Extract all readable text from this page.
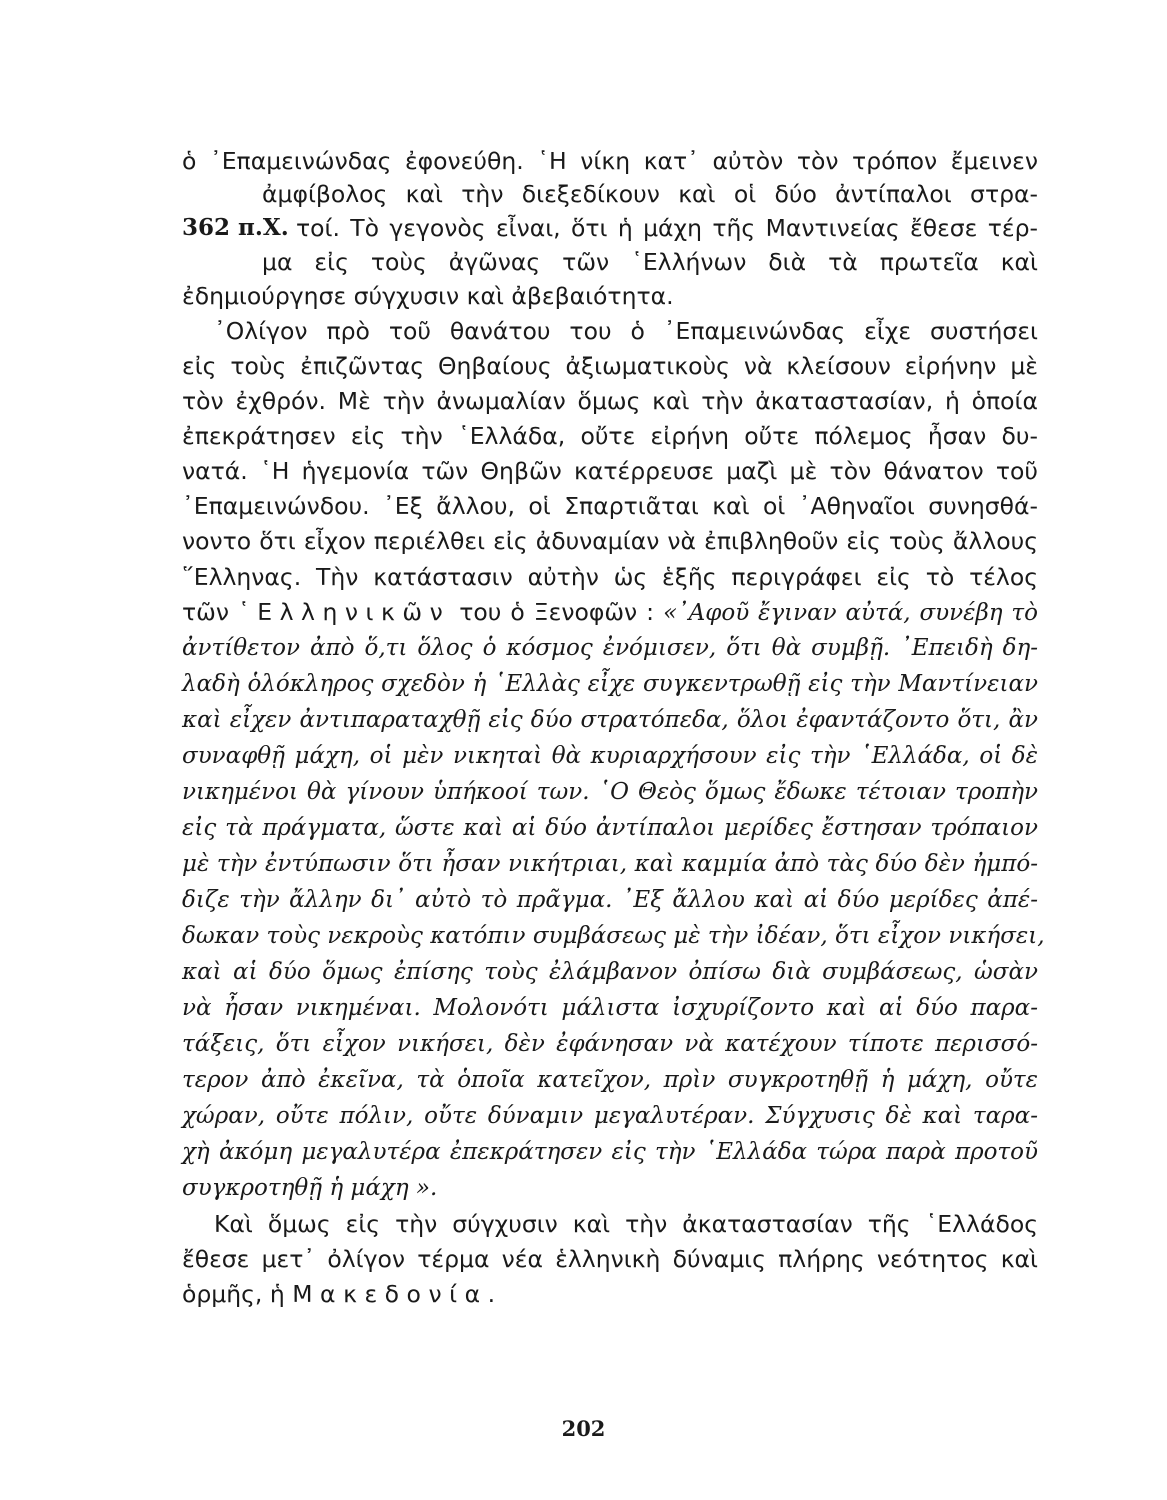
ὁ ᾿Επαμεινώνδας ἐφονεύθη. ῾Η νίκη κατ᾿ αὐτὸν τὸν τρόπον ἔμεινεν
ἀμφίβολος καὶ τὴν διεξεδίκουν καὶ οἱ δύο ἀντίπαλοι στρα-
362 π.Χ. τοί. Τὸ γεγονὸς εἶναι, ὅτι ἡ μάχη τῆς Μαντινείας ἔθεσε τέρ-
μα εἰς τοὺς ἀγῶνας τῶν ῾Ελλήνων διὰ τὰ πρωτεῖα καὶ
ἐδημιούργησε σύγχυσιν καὶ ἀβεβαιότητα.
᾿Ολίγον πρὸ τοῦ θανάτου του ὁ ᾿Επαμεινώνδας εἶχε συστήσει
εἰς τοὺς ἐπιζῶντας Θηβαίους ἀξιωματικοὺς νὰ κλείσουν εἰρήνην μὲ
τὸν ἐχθρόν. Μὲ τὴν ἀνωμαλίαν ὅμως καὶ τὴν ἀκαταστασίαν, ἡ ὁποία
ἐπεκράτησεν εἰς τὴν ῾Ελλάδα, οὔτε εἰρήνη οὔτε πόλεμος ἦσαν δυ-
νατά. ῾Η ἡγεμονία τῶν Θηβῶν κατέρρευσε μαζὶ μὲ τὸν θάνατον τοῦ
᾿Επαμεινώνδου. ᾿Εξ ἄλλου, οἱ Σπαρτιᾶται καὶ οἱ ᾿Αθηναῖοι συνησθά-
νοντο ὅτι εἶχον περιέλθει εἰς ἀδυναμίαν νὰ ἐπιβληθοῦν εἰς τοὺς ἄλλους
῞Ελληνας. Τὴν κατάστασιν αὐτὴν ὡς ἑξῆς περιγράφει εἰς τὸ τέλος
τῶν ῾Ελληνικῶν του ὁ Ξενοφῶν : «᾿Αφοῦ ἔγιναν αὐτά, συνέβη τὸ
ἀντίθετον ἀπὸ ὅ,τι ὅλος ὁ κόσμος ἐνόμισεν, ὅτι θὰ συμβῇ. ᾿Επειδὴ δη-
λαδὴ ὁλόκληρος σχεδὸν ἡ ῾Ελλὰς εἶχε συγκεντρωθῇ εἰς τὴν Μαντίνειαν
καὶ εἶχεν ἀντιπαραταχθῇ εἰς δύο στρατόπεδα, ὅλοι ἐφαντάζοντο ὅτι, ἂν
συναφθῇ μάχη, οἱ μὲν νικηταὶ θὰ κυριαρχήσουν εἰς τὴν ῾Ελλάδα, οἱ δὲ
νικημένοι θὰ γίνουν ὑπήκοοί των. ῾Ο Θεὸς ὅμως ἔδωκε τέτοιαν τροπὴν
εἰς τὰ πράγματα, ὥστε καὶ αἱ δύο ἀντίπαλοι μερίδες ἔστησαν τρόπαιον
μὲ τὴν ἐντύπωσιν ὅτι ἦσαν νικήτριαι, καὶ καμμία ἀπὸ τὰς δύο δὲν ἠμπό-
διζε τὴν ἄλλην δι᾿ αὐτὸ τὸ πρᾶγμα. ᾿Εξ ἄλλου καὶ αἱ δύο μερίδες ἀπέ-
δωκαν τοὺς νεκροὺς κατόπιν συμβάσεως μὲ τὴν ἰδέαν, ὅτι εἶχον νικήσει,
καὶ αἱ δύο ὅμως ἐπίσης τοὺς ἐλάμβανον ὀπίσω διὰ συμβάσεως, ὡσὰν
νὰ ἦσαν νικημέναι. Μολονότι μάλιστα ἰσχυρίζοντο καὶ αἱ δύο παρα-
τάξεις, ὅτι εἶχον νικήσει, δὲν ἐφάνησαν νὰ κατέχουν τίποτε περισσό-
τερον ἀπὸ ἐκεῖνα, τὰ ὁποῖα κατεῖχον, πρὶν συγκροτηθῇ ἡ μάχη, οὔτε
χώραν, οὔτε πόλιν, οὔτε δύναμιν μεγαλυτέραν. Σύγχυσις δὲ καὶ ταρα-
χὴ ἀκόμη μεγαλυτέρα ἐπεκράτησεν εἰς τὴν ῾Ελλάδα τώρα παρὰ προτοῦ
συγκροτηθῇ ἡ μάχη ».
Καὶ ὅμως εἰς τὴν σύγχυσιν καὶ τὴν ἀκαταστασίαν τῆς ῾Ελλάδος
ἔθεσε μετ᾿ ὀλίγον τέρμα νέα ἑλληνικὴ δύναμις πλήρης νεότητος καὶ
ὁρμῆς, ἡ Μακεδονία.
202
